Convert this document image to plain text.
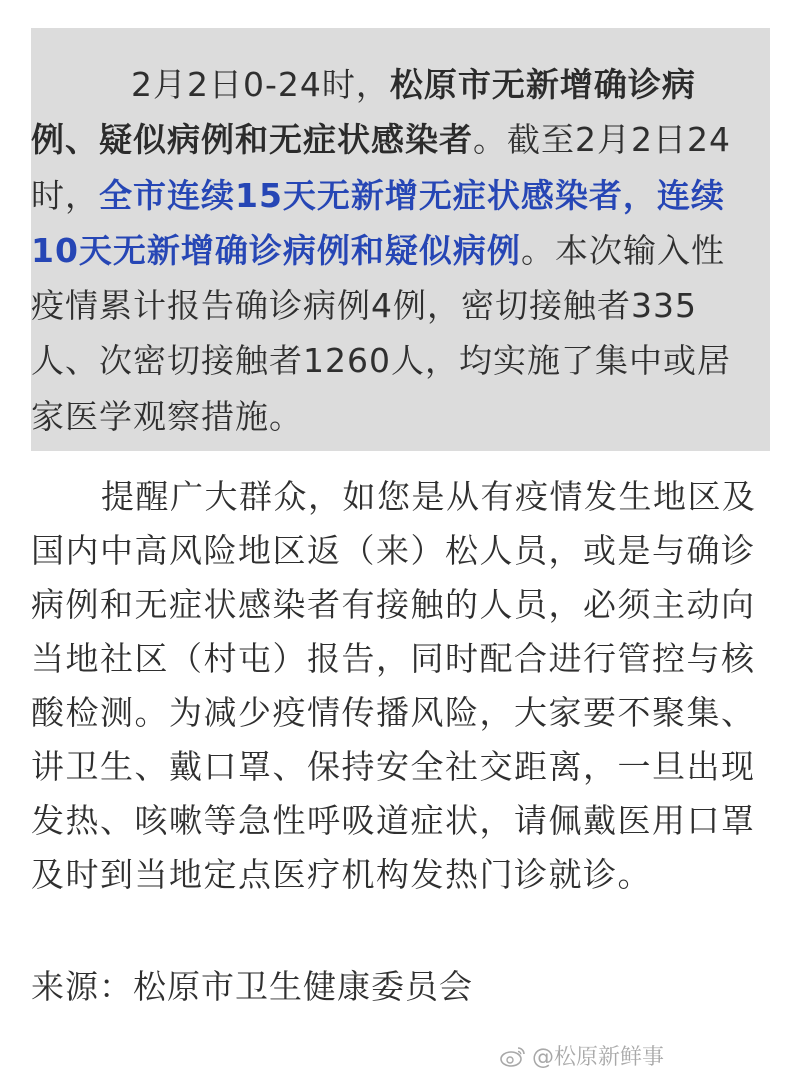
2月2日0-24时，松原市无新增确诊病例、疑似病例和无症状感染者。截至2月2日24时，全市连续15天无新增无症状感染者，连续10天无新增确诊病例和疑似病例。本次输入性疫情累计报告确诊病例4例，密切接触者335人、次密切接触者1260人，均实施了集中或居家医学观察措施。

提醒广大群众，如您是从有疫情发生地区及国内中高风险地区返（来）松人员，或是与确诊病例和无症状感染者有接触的人员，必须主动向当地社区（村屯）报告，同时配合进行管控与核酸检测。为减少疫情传播风险，大家要不聚集、讲卫生、戴口罩、保持安全社交距离，一旦出现发热、咳嗽等急性呼吸道症状，请佩戴医用口罩及时到当地定点医疗机构发热门诊就诊。

来源：松原市卫生健康委员会

@松原新鲜事
